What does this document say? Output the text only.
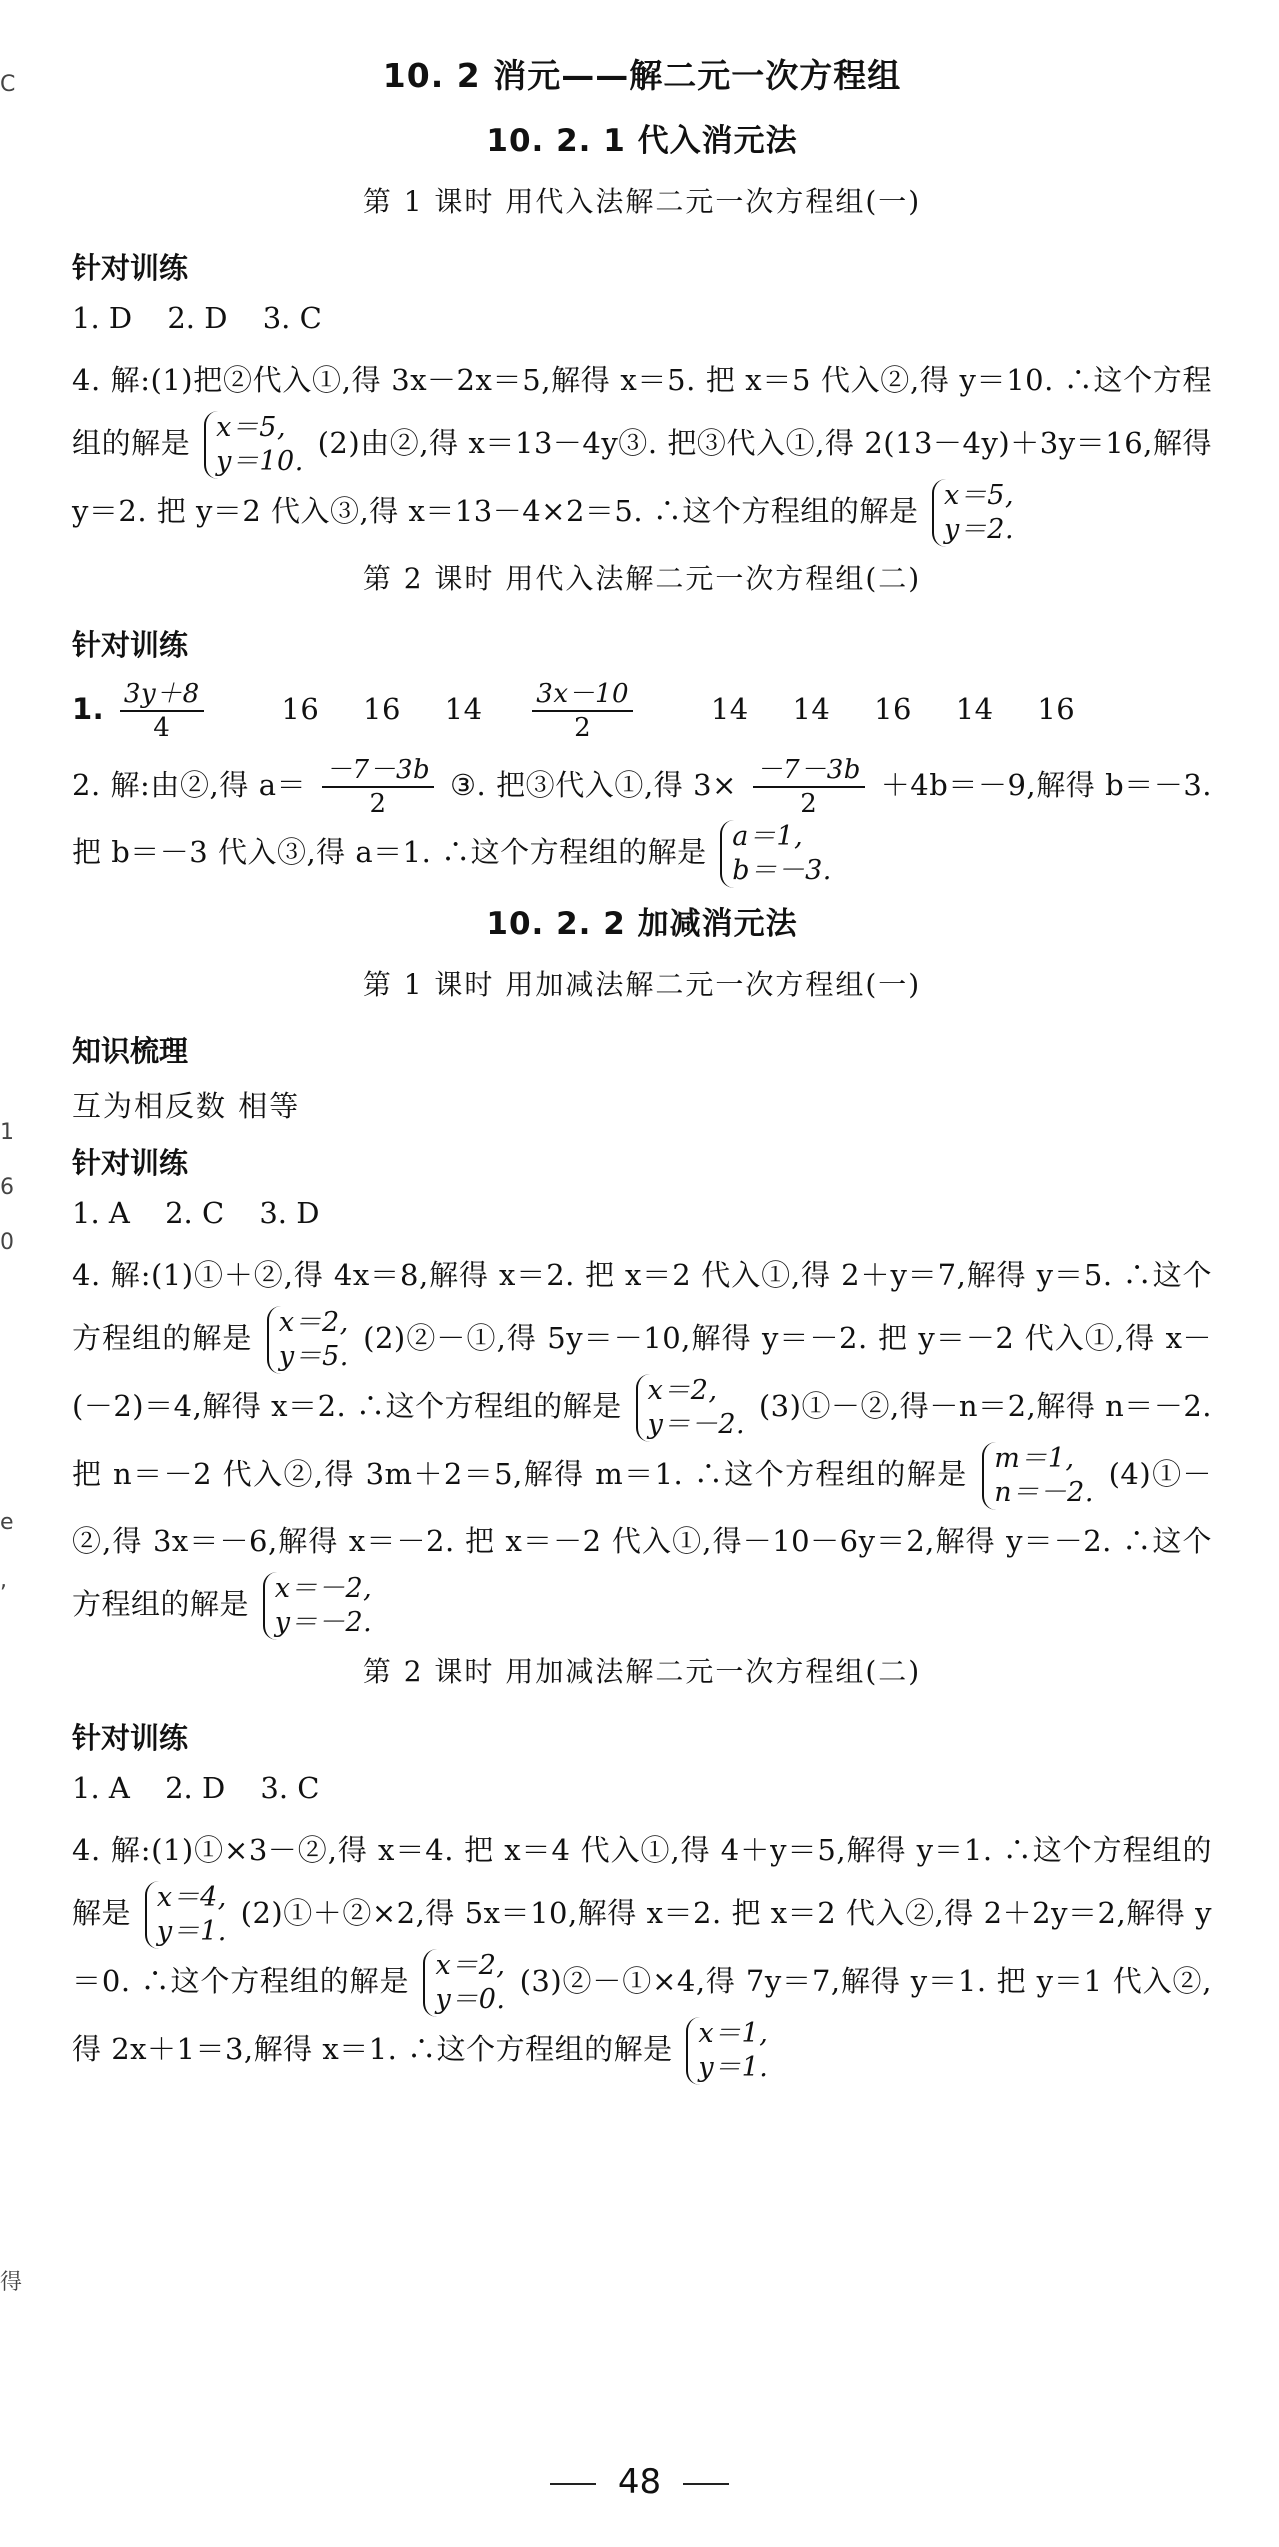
C
1
6
0
e
,
得
10. 2 消元——解二元一次方程组
10. 2. 1 代入消元法
第 1 课时 用代入法解二元一次方程组(一)
针对训练
1. D 2. D 3. C
4. 解:(1)把②代入①,得 3x－2x＝5,解得 x＝5. 把 x＝5 代入②,得 y＝10. ∴这个方程组的解是 x＝5,
y＝10.
(2)由②,得 x＝13－4y③. 把③代入①,得 2(13－4y)＋3y＝16,解得 y＝2. 把 y＝2 代入③,得 x＝13－4×2＝5. ∴这个方程组的解是 x＝5,
y＝2.
第 2 课时 用代入法解二元一次方程组(二)
针对训练
1. $\frac{3y+8}{4} 16$ 16 $14 \frac{3x-10}{2} 14$ 14 16 14 16
2. 解:由②,得 $a= \frac{-7-3b}{2}$ ③. 把③代入①,得 $3\times \frac{-7-3b}{2} +4b=-9$,解得 b＝－3. 把 b＝－3 代入③,得 a＝1. ∴这个方程组的解是 a＝1,
b＝－3.
10. 2. 2 加减消元法
第 1 课时 用加减法解二元一次方程组(一)
知识梳理
互为相反数 相等
针对训练
1. A 2. C 3. D
4. 解:(1)①＋②,得 4x＝8,解得 x＝2. 把 x＝2 代入①,得 2＋y＝7,解得 y＝5. ∴这个方程组的解是 x＝2,
y＝5.
(2)②－①,得 5y＝－10,解得 y＝－2. 把 y＝－2 代入①,得 x－(－2)＝4,解得 x＝2. ∴这个方程组的解是 x＝2,
y＝－2.
(3)①－②,得－n＝2,解得 n＝－2. 把 n＝－2 代入②,得 3m＋2＝5,解得 m＝1. ∴这个方程组的解是 m＝1,
n＝－2.
(4)①－②,得 3x＝－6,解得 x＝－2. 把 x＝－2 代入①,得－10－6y＝2,解得 y＝－2. ∴这个方程组的解是 x＝－2,
y＝－2.
第 2 课时 用加减法解二元一次方程组(二)
针对训练
1. A 2. D 3. C
4. 解:(1)①×3－②,得 x＝4. 把 x＝4 代入①,得 4＋y＝5,解得 y＝1. ∴这个方程组的解是 x＝4,
y＝1.
(2)①＋②×2,得 5x＝10,解得 x＝2. 把 x＝2 代入②,得 2＋2y＝2,解得 y＝0. ∴这个方程组的解是 x＝2,
y＝0.
(3)②－①×4,得 7y＝7,解得 y＝1. 把 y＝1 代入②,得 2x＋1＝3,解得 x＝1. ∴这个方程组的解是 x＝1,
y＝1.
48
